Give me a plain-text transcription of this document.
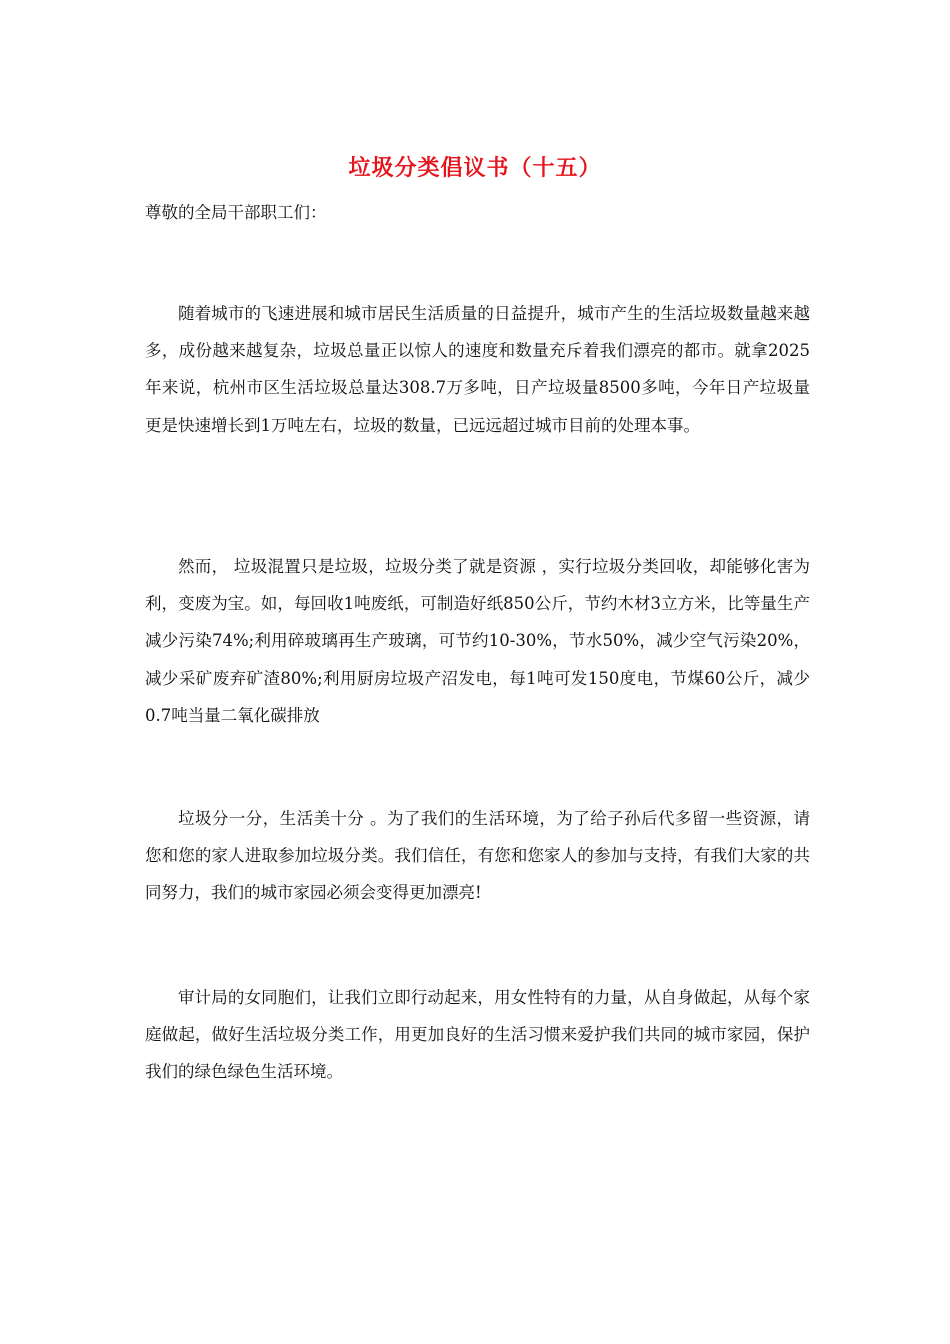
垃圾分类倡议书（十五）

尊敬的全局干部职工们：

随着城市的飞速进展和城市居民生活质量的日益提升，城市产生的生活垃圾数量越来越多，成份越来越复杂，垃圾总量正以惊人的速度和数量充斥着我们漂亮的都市。就拿2025年来说，杭州市区生活垃圾总量达308.7万多吨，日产垃圾量8500多吨，今年日产垃圾量更是快速增长到1万吨左右，垃圾的数量，已远远超过城市目前的处理本事。

然而， 垃圾混置只是垃圾，垃圾分类了就是资源 ，实行垃圾分类回收，却能够化害为利，变废为宝。如，每回收1吨废纸，可制造好纸850公斤，节约木材3立方米，比等量生产减少污染74%;利用碎玻璃再生产玻璃，可节约10-30%，节水50%，减少空气污染20%，减少采矿废弃矿渣80%;利用厨房垃圾产沼发电，每1吨可发150度电，节煤60公斤，减少0.7吨当量二氧化碳排放

垃圾分一分，生活美十分 。为了我们的生活环境，为了给子孙后代多留一些资源，请您和您的家人进取参加垃圾分类。我们信任，有您和您家人的参加与支持，有我们大家的共同努力，我们的城市家园必须会变得更加漂亮!

审计局的女同胞们，让我们立即行动起来，用女性特有的力量，从自身做起，从每个家庭做起，做好生活垃圾分类工作，用更加良好的生活习惯来爱护我们共同的城市家园，保护我们的绿色绿色生活环境。
